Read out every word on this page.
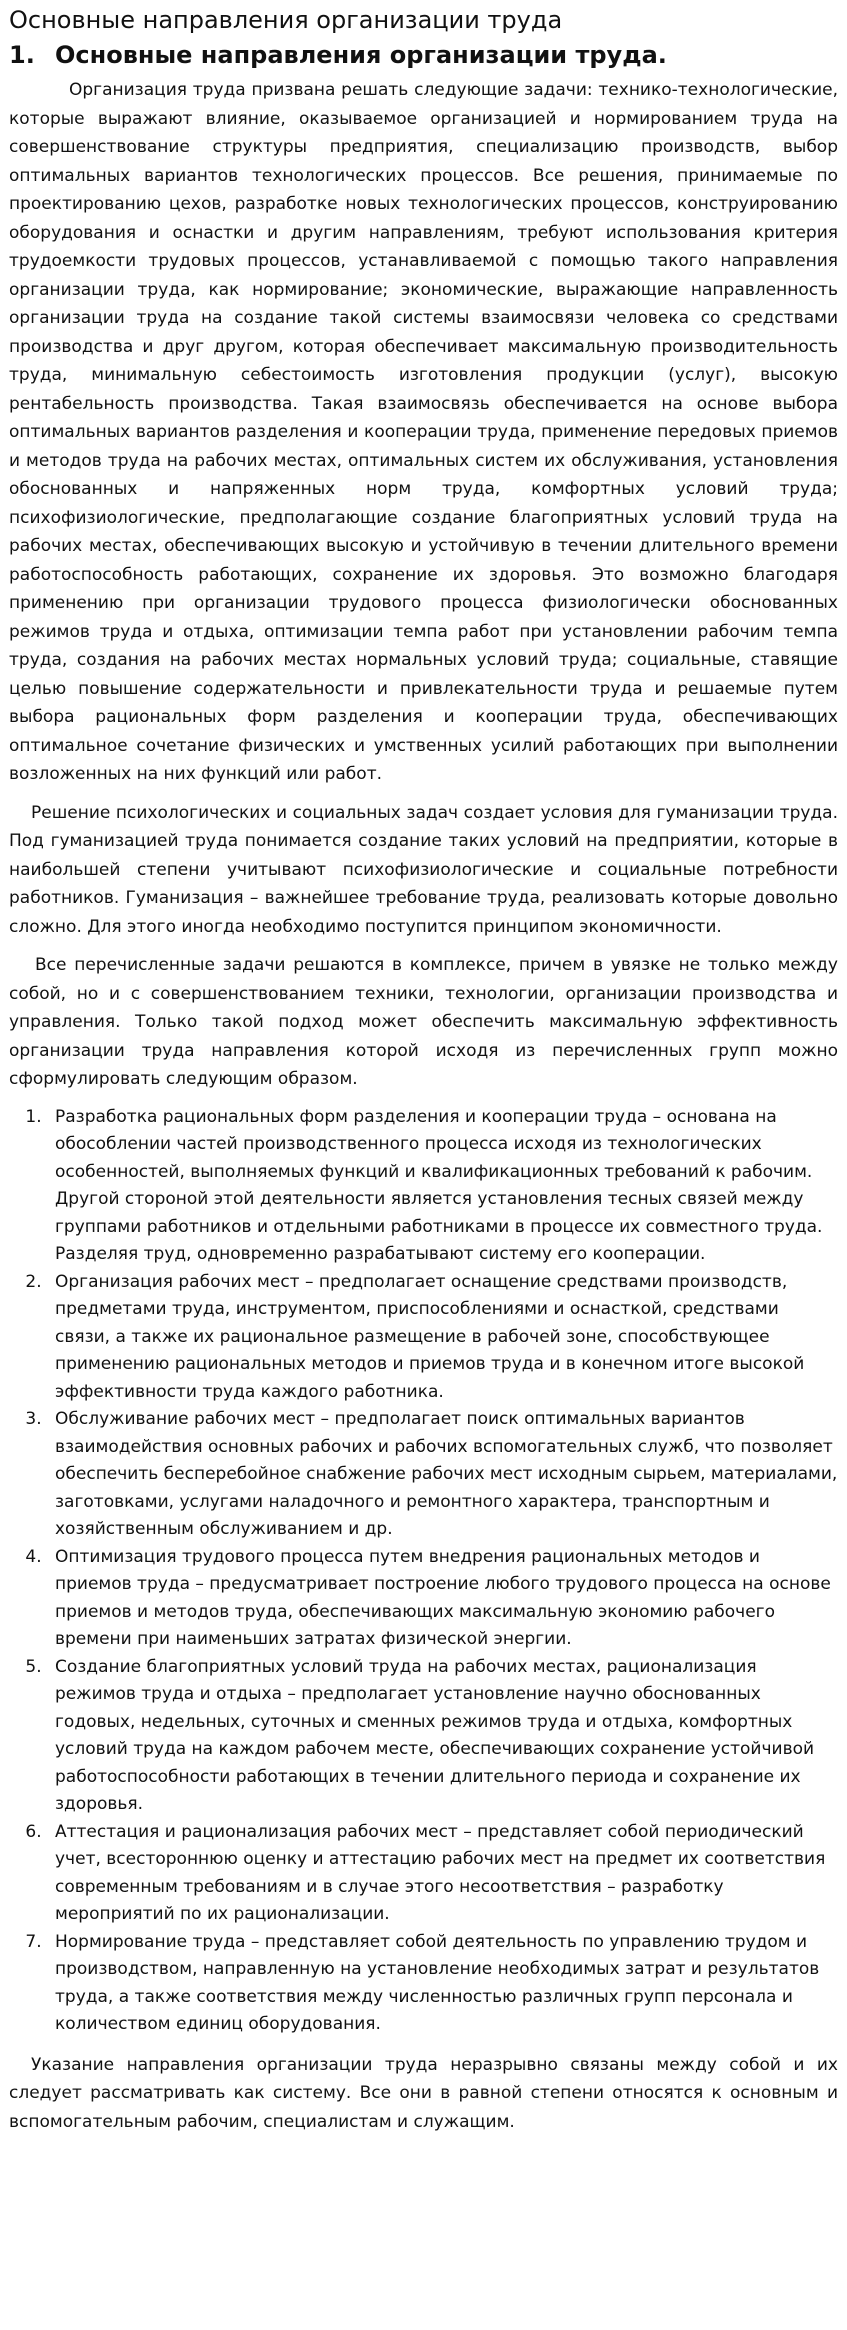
Основные направления организации труда
1. Основные направления организации труда.

Организация труда призвана решать следующие задачи: технико-технологические, которые выражают влияние, оказываемое организацией и нормированием труда на совершенствование структуры предприятия, специализацию производств, выбор оптимальных вариантов технологических процессов. Все решения, принимаемые по проектированию цехов, разработке новых технологических процессов, конструированию оборудования и оснастки и другим направлениям, требуют использования критерия трудоемкости трудовых процессов, устанавливаемой с помощью такого направления организации труда, как нормирование; экономические, выражающие направленность организации труда на создание такой системы взаимосвязи человека со средствами производства и друг другом, которая обеспечивает максимальную производительность труда, минимальную себестоимость изготовления продукции (услуг), высокую рентабельность производства. Такая взаимосвязь обеспечивается на основе выбора оптимальных вариантов разделения и кооперации труда, применение передовых приемов и методов труда на рабочих местах, оптимальных систем их обслуживания, установления обоснованных и напряженных норм труда, комфортных условий труда; психофизиологические, предполагающие создание благоприятных условий труда на рабочих местах, обеспечивающих высокую и устойчивую в течении длительного времени работоспособность работающих, сохранение их здоровья. Это возможно благодаря применению при организации трудового процесса физиологически обоснованных режимов труда и отдыха, оптимизации темпа работ при установлении рабочим темпа труда, создания на рабочих местах нормальных условий труда; социальные, ставящие целью повышение содержательности и привлекательности труда и решаемые путем выбора рациональных форм разделения и кооперации труда, обеспечивающих оптимальное сочетание физических и умственных усилий работающих при выполнении возложенных на них функций или работ.

Решение психологических и социальных задач создает условия для гуманизации труда. Под гуманизацией труда понимается создание таких условий на предприятии, которые в наибольшей степени учитывают психофизиологические и социальные потребности работников. Гуманизация – важнейшее требование труда, реализовать которые довольно сложно. Для этого иногда необходимо поступится принципом экономичности.

Все перечисленные задачи решаются в комплексе, причем в увязке не только между собой, но и с совершенствованием техники, технологии, организации производства и управления. Только такой подход может обеспечить максимальную эффективность организации труда направления которой исходя из перечисленных групп можно сформулировать следующим образом.

1. Разработка рациональных форм разделения и кооперации труда – основана на обособлении частей производственного процесса исходя из технологических особенностей, выполняемых функций и квалификационных требований к рабочим. Другой стороной этой деятельности является установления тесных связей между группами работников и отдельными работниками в процессе их совместного труда. Разделяя труд, одновременно разрабатывают систему его кооперации.
2. Организация рабочих мест – предполагает оснащение средствами производств, предметами труда, инструментом, приспособлениями и оснасткой, средствами связи, а также их рациональное размещение в рабочей зоне, способствующее применению рациональных методов и приемов труда и в конечном итоге высокой эффективности труда каждого работника.
3. Обслуживание рабочих мест – предполагает поиск оптимальных вариантов взаимодействия основных рабочих и рабочих вспомогательных служб, что позволяет обеспечить бесперебойное снабжение рабочих мест исходным сырьем, материалами, заготовками, услугами наладочного и ремонтного характера, транспортным и хозяйственным обслуживанием и др.
4. Оптимизация трудового процесса путем внедрения рациональных методов и приемов труда – предусматривает построение любого трудового процесса на основе приемов и методов труда, обеспечивающих максимальную экономию рабочего времени при наименьших затратах физической энергии.
5. Создание благоприятных условий труда на рабочих местах, рационализация режимов труда и отдыха – предполагает установление научно обоснованных годовых, недельных, суточных и сменных режимов труда и отдыха, комфортных условий труда на каждом рабочем месте, обеспечивающих сохранение устойчивой работоспособности работающих в течении длительного периода и сохранение их здоровья.
6. Аттестация и рационализация рабочих мест – представляет собой периодический учет, всестороннюю оценку и аттестацию рабочих мест на предмет их соответствия современным требованиям и в случае этого несоответствия – разработку мероприятий по их рационализации.
7. Нормирование труда – представляет собой деятельность по управлению трудом и производством, направленную на установление необходимых затрат и результатов труда, а также соответствия между численностью различных групп персонала и количеством единиц оборудования.

Указание направления организации труда неразрывно связаны между собой и их следует рассматривать как систему. Все они в равной степени относятся к основным и вспомогательным рабочим, специалистам и служащим.
